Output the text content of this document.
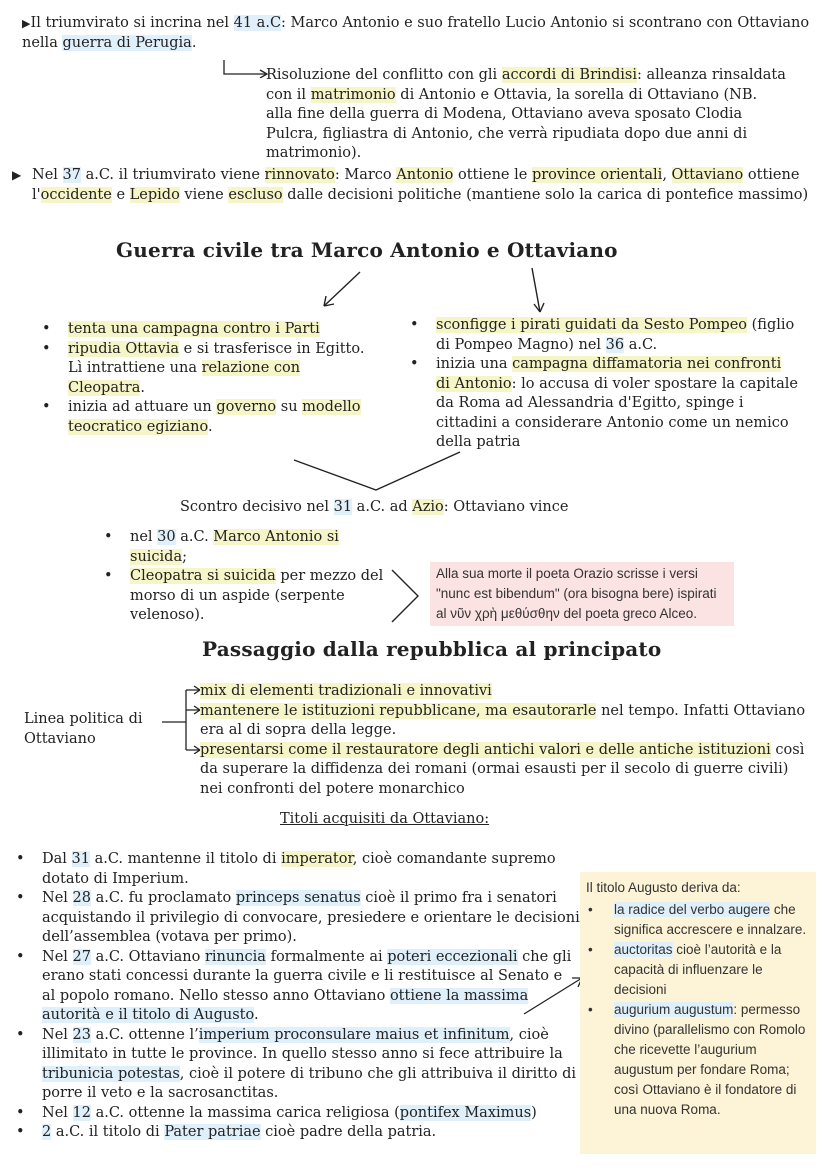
▶Il triumvirato si incrina nel 41 a.C: Marco Antonio e suo fratello Lucio Antonio si scontrano con Ottaviano nella guerra di Perugia.
Risoluzione del conflitto con gli accordi di Brindisi: alleanza rinsaldata con il matrimonio di Antonio e Ottavia, la sorella di Ottaviano (NB. alla fine della guerra di Modena, Ottaviano aveva sposato Clodia Pulcra, figliastra di Antonio, che verrà ripudiata dopo due anni di matrimonio).
▶ Nel 37 a.C. il triumvirato viene rinnovato: Marco Antonio ottiene le province orientali, Ottaviano ottiene l'occidente e Lepido viene escluso dalle decisioni politiche (mantiene solo la carica di pontefice massimo)
Guerra civile tra Marco Antonio e Ottaviano
• tenta una campagna contro i Parti
• ripudia Ottavia e si trasferisce in Egitto. Lì intrattiene una relazione con Cleopatra.
• inizia ad attuare un governo su modello teocratico egiziano.
• sconfigge i pirati guidati da Sesto Pompeo (figlio di Pompeo Magno) nel 36 a.C.
• inizia una campagna diffamatoria nei confronti di Antonio: lo accusa di voler spostare la capitale da Roma ad Alessandria d'Egitto, spinge i cittadini a considerare Antonio come un nemico della patria
Scontro decisivo nel 31 a.C. ad Azio: Ottaviano vince
• nel 30 a.C. Marco Antonio si suicida;
• Cleopatra si suicida per mezzo del morso di un aspide (serpente velenoso).
Alla sua morte il poeta Orazio scrisse i versi "nunc est bibendum" (ora bisogna bere) ispirati al νῦν χρὴ μεθύσθην del poeta greco Alceo.
Passaggio dalla repubblica al principato
Linea politica di Ottaviano
mix di elementi tradizionali e innovativi
mantenere le istituzioni repubblicane, ma esautorarle nel tempo. Infatti Ottaviano era al di sopra della legge.
presentarsi come il restauratore degli antichi valori e delle antiche istituzioni così da superare la diffidenza dei romani (ormai esausti per il secolo di guerre civili) nei confronti del potere monarchico
Titoli acquisiti da Ottaviano:
• Dal 31 a.C. mantenne il titolo di imperator, cioè comandante supremo dotato di Imperium.
• Nel 28 a.C. fu proclamato princeps senatus cioè il primo fra i senatori acquistando il privilegio di convocare, presiedere e orientare le decisioni dell’assemblea (votava per primo).
• Nel 27 a.C. Ottaviano rinuncia formalmente ai poteri eccezionali che gli erano stati concessi durante la guerra civile e li restituisce al Senato e al popolo romano. Nello stesso anno Ottaviano ottiene la massima autorità e il titolo di Augusto.
• Nel 23 a.C. ottenne l’imperium proconsulare maius et infinitum, cioè illimitato in tutte le province. In quello stesso anno si fece attribuire la tribunicia potestas, cioè il potere di tribuno che gli attribuiva il diritto di porre il veto e la sacrosanctitas.
• Nel 12 a.C. ottenne la massima carica religiosa (pontifex Maximus)
• 2 a.C. il titolo di Pater patriae cioè padre della patria.
Il titolo Augusto deriva da:
• la radice del verbo augere che significa accrescere e innalzare.
• auctoritas cioè l’autorità e la capacità di influenzare le decisioni
• augurium augustum: permesso divino (parallelismo con Romolo che ricevette l’augurium augustum per fondare Roma; così Ottaviano è il fondatore di una nuova Roma.
